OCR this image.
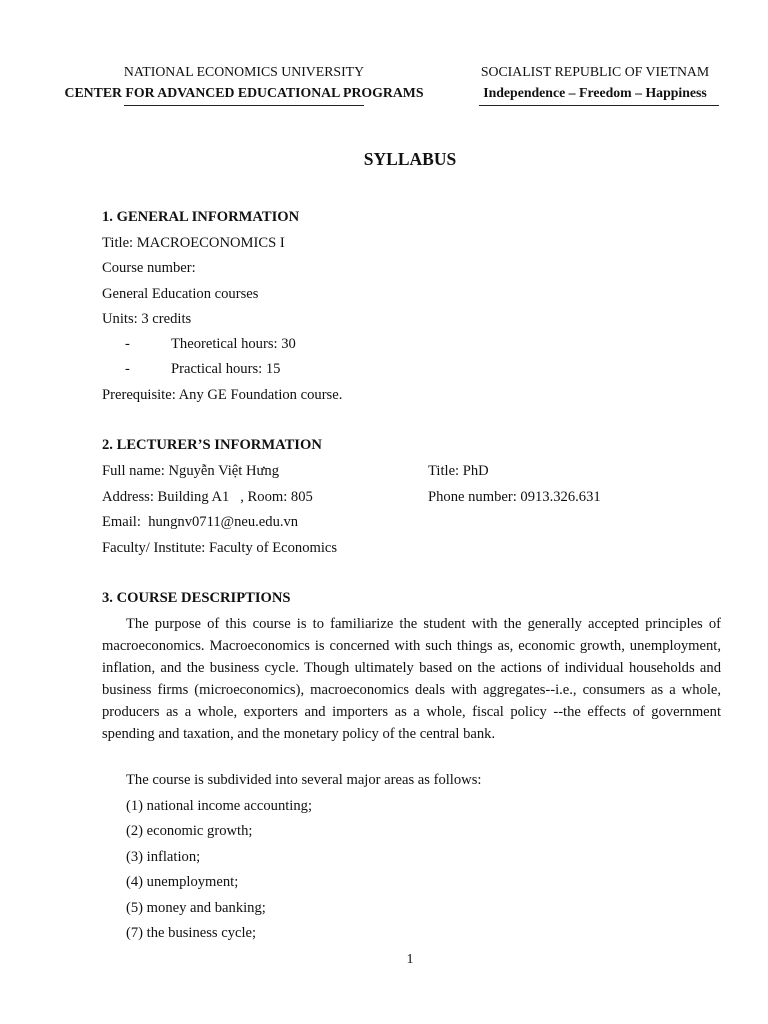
NATIONAL ECONOMICS UNIVERSITY
CENTER FOR ADVANCED EDUCATIONAL PROGRAMS
SOCIALIST REPUBLIC OF VIETNAM
Independence – Freedom – Happiness
SYLLABUS
1. GENERAL INFORMATION
Title: MACROECONOMICS I
Course number:
General Education courses
Units: 3 credits
-	Theoretical hours: 30
-	Practical hours: 15
Prerequisite: Any GE Foundation course.
2. LECTURER’S INFORMATION
Full name: Nguyễn Việt Hưng	Title: PhD
Address: Building A1   , Room: 805	Phone number: 0913.326.631
Email:  hungnv0711@neu.edu.vn
Faculty/ Institute: Faculty of Economics
3. COURSE DESCRIPTIONS
The purpose of this course is to familiarize the student with the generally accepted principles of macroeconomics. Macroeconomics is concerned with such things as, economic growth, unemployment, inflation, and the business cycle. Though ultimately based on the actions of individual households and business firms (microeconomics), macroeconomics deals with aggregates--i.e., consumers as a whole, producers as a whole, exporters and importers as a whole, fiscal policy --the effects of government spending and taxation, and the monetary policy of the central bank.
The course is subdivided into several major areas as follows:
(1) national income accounting;
(2) economic growth;
(3) inflation;
(4) unemployment;
(5) money and banking;
(7) the business cycle;
1
